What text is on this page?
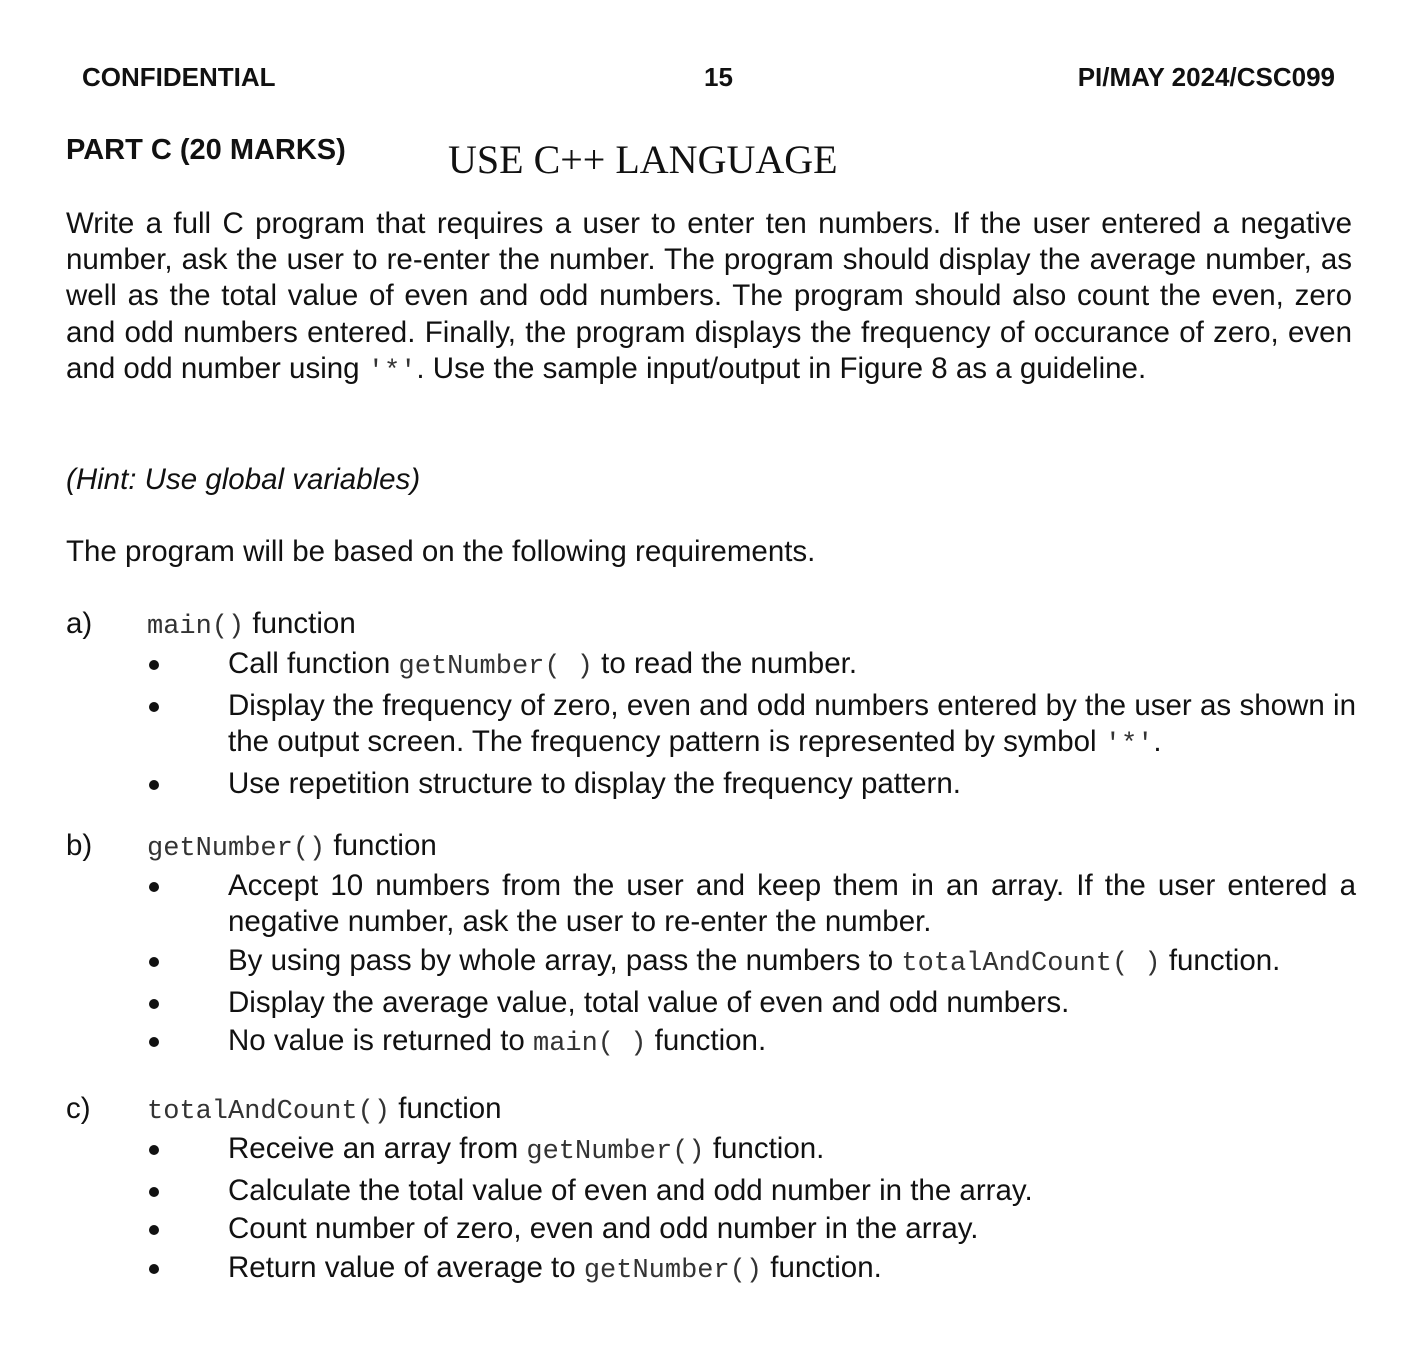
CONFIDENTIAL	15	PI/MAY 2024/CSC099
PART C (20 MARKS)	USE C++ LANGUAGE
Write a full C program that requires a user to enter ten numbers. If the user entered a negative number, ask the user to re-enter the number. The program should display the average number, as well as the total value of even and odd numbers. The program should also count the even, zero and odd numbers entered. Finally, the program displays the frequency of occurance of zero, even and odd number using '*'. Use the sample input/output in Figure 8 as a guideline.
(Hint: Use global variables)
The program will be based on the following requirements.
a) main() function
Call function getNumber( ) to read the number.
Display the frequency of zero, even and odd numbers entered by the user as shown in the output screen. The frequency pattern is represented by symbol '*'.
Use repetition structure to display the frequency pattern.
b) getNumber() function
Accept 10 numbers from the user and keep them in an array. If the user entered a negative number, ask the user to re-enter the number.
By using pass by whole array, pass the numbers to totalAndCount( ) function.
Display the average value, total value of even and odd numbers.
No value is returned to main( ) function.
c) totalAndCount() function
Receive an array from getNumber() function.
Calculate the total value of even and odd number in the array.
Count number of zero, even and odd number in the array.
Return value of average to getNumber() function.
